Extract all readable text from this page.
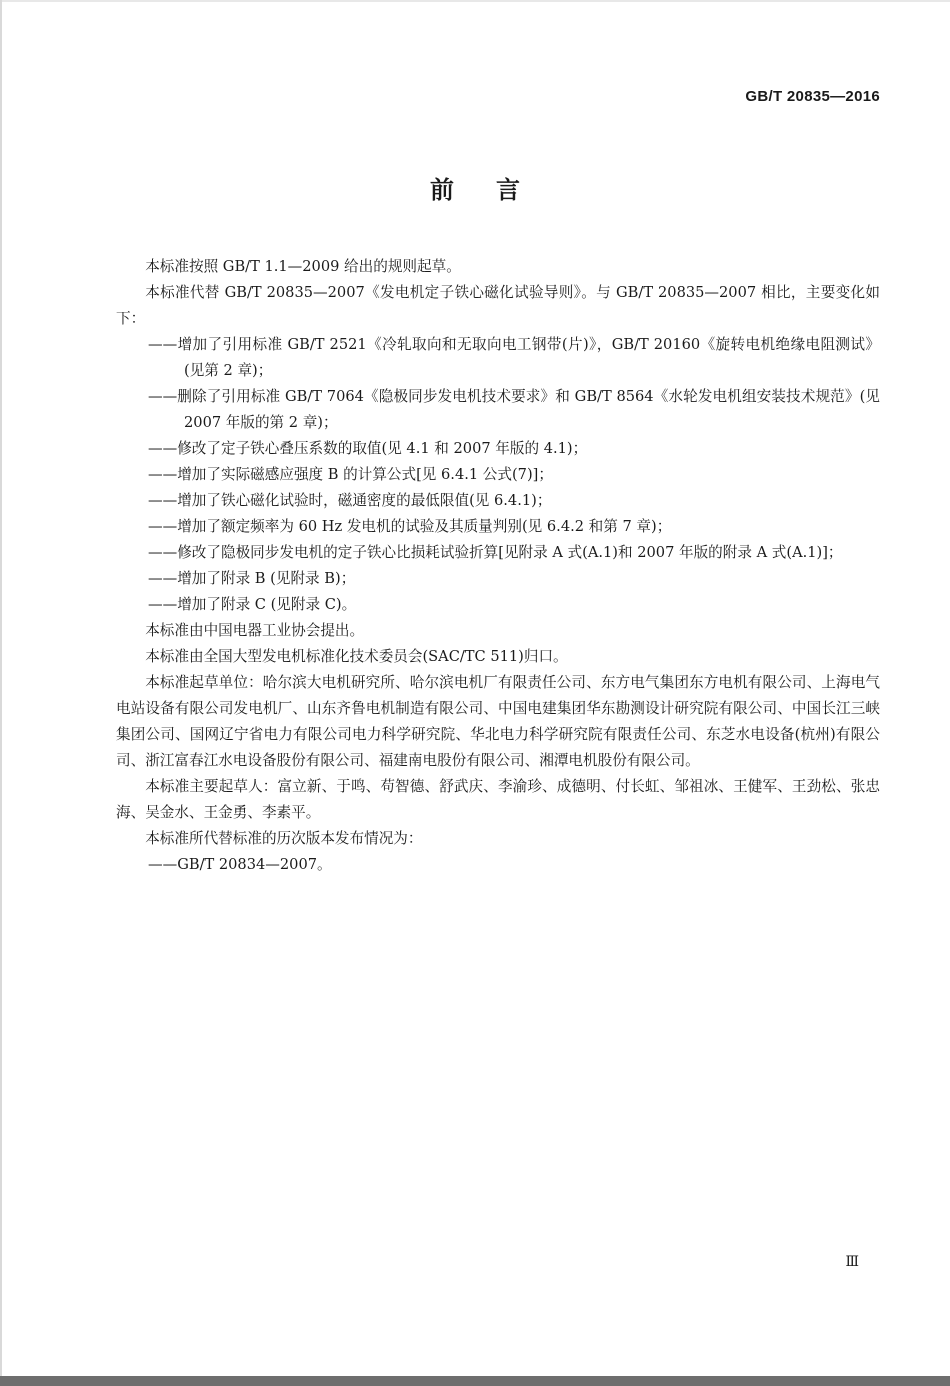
GB/T 20835—2016
前言

本标准按照 GB/T 1.1—2009 给出的规则起草。

本标准代替 GB/T 20835—2007《发电机定子铁心磁化试验导则》。与 GB/T 20835—2007 相比，主要变化如下：

——增加了引用标准 GB/T 2521《冷轧取向和无取向电工钢带(片)》，GB/T 20160《旋转电机绝缘电阻测试》(见第 2 章)；

——删除了引用标准 GB/T 7064《隐极同步发电机技术要求》和 GB/T 8564《水轮发电机组安装技术规范》(见 2007 年版的第 2 章)；

——修改了定子铁心叠压系数的取值(见 4.1 和 2007 年版的 4.1)；

——增加了实际磁感应强度 B 的计算公式[见 6.4.1 公式(7)]；

——增加了铁心磁化试验时，磁通密度的最低限值(见 6.4.1)；

——增加了额定频率为 60 Hz 发电机的试验及其质量判别(见 6.4.2 和第 7 章)；

——修改了隐极同步发电机的定子铁心比损耗试验折算[见附录 A 式(A.1)和 2007 年版的附录 A 式(A.1)]；

——增加了附录 B (见附录 B)；

——增加了附录 C (见附录 C)。

本标准由中国电器工业协会提出。

本标准由全国大型发电机标准化技术委员会(SAC/TC 511)归口。

本标准起草单位：哈尔滨大电机研究所、哈尔滨电机厂有限责任公司、东方电气集团东方电机有限公司、上海电气电站设备有限公司发电机厂、山东齐鲁电机制造有限公司、中国电建集团华东勘测设计研究院有限公司、中国长江三峡集团公司、国网辽宁省电力有限公司电力科学研究院、华北电力科学研究院有限责任公司、东芝水电设备(杭州)有限公司、浙江富春江水电设备股份有限公司、福建南电股份有限公司、湘潭电机股份有限公司。

本标准主要起草人：富立新、于鸣、苟智德、舒武庆、李渝珍、成德明、付长虹、邹祖冰、王健军、王劲松、张忠海、吴金水、王金勇、李素平。

本标准所代替标准的历次版本发布情况为：

——GB/T 20834—2007。

Ⅲ
